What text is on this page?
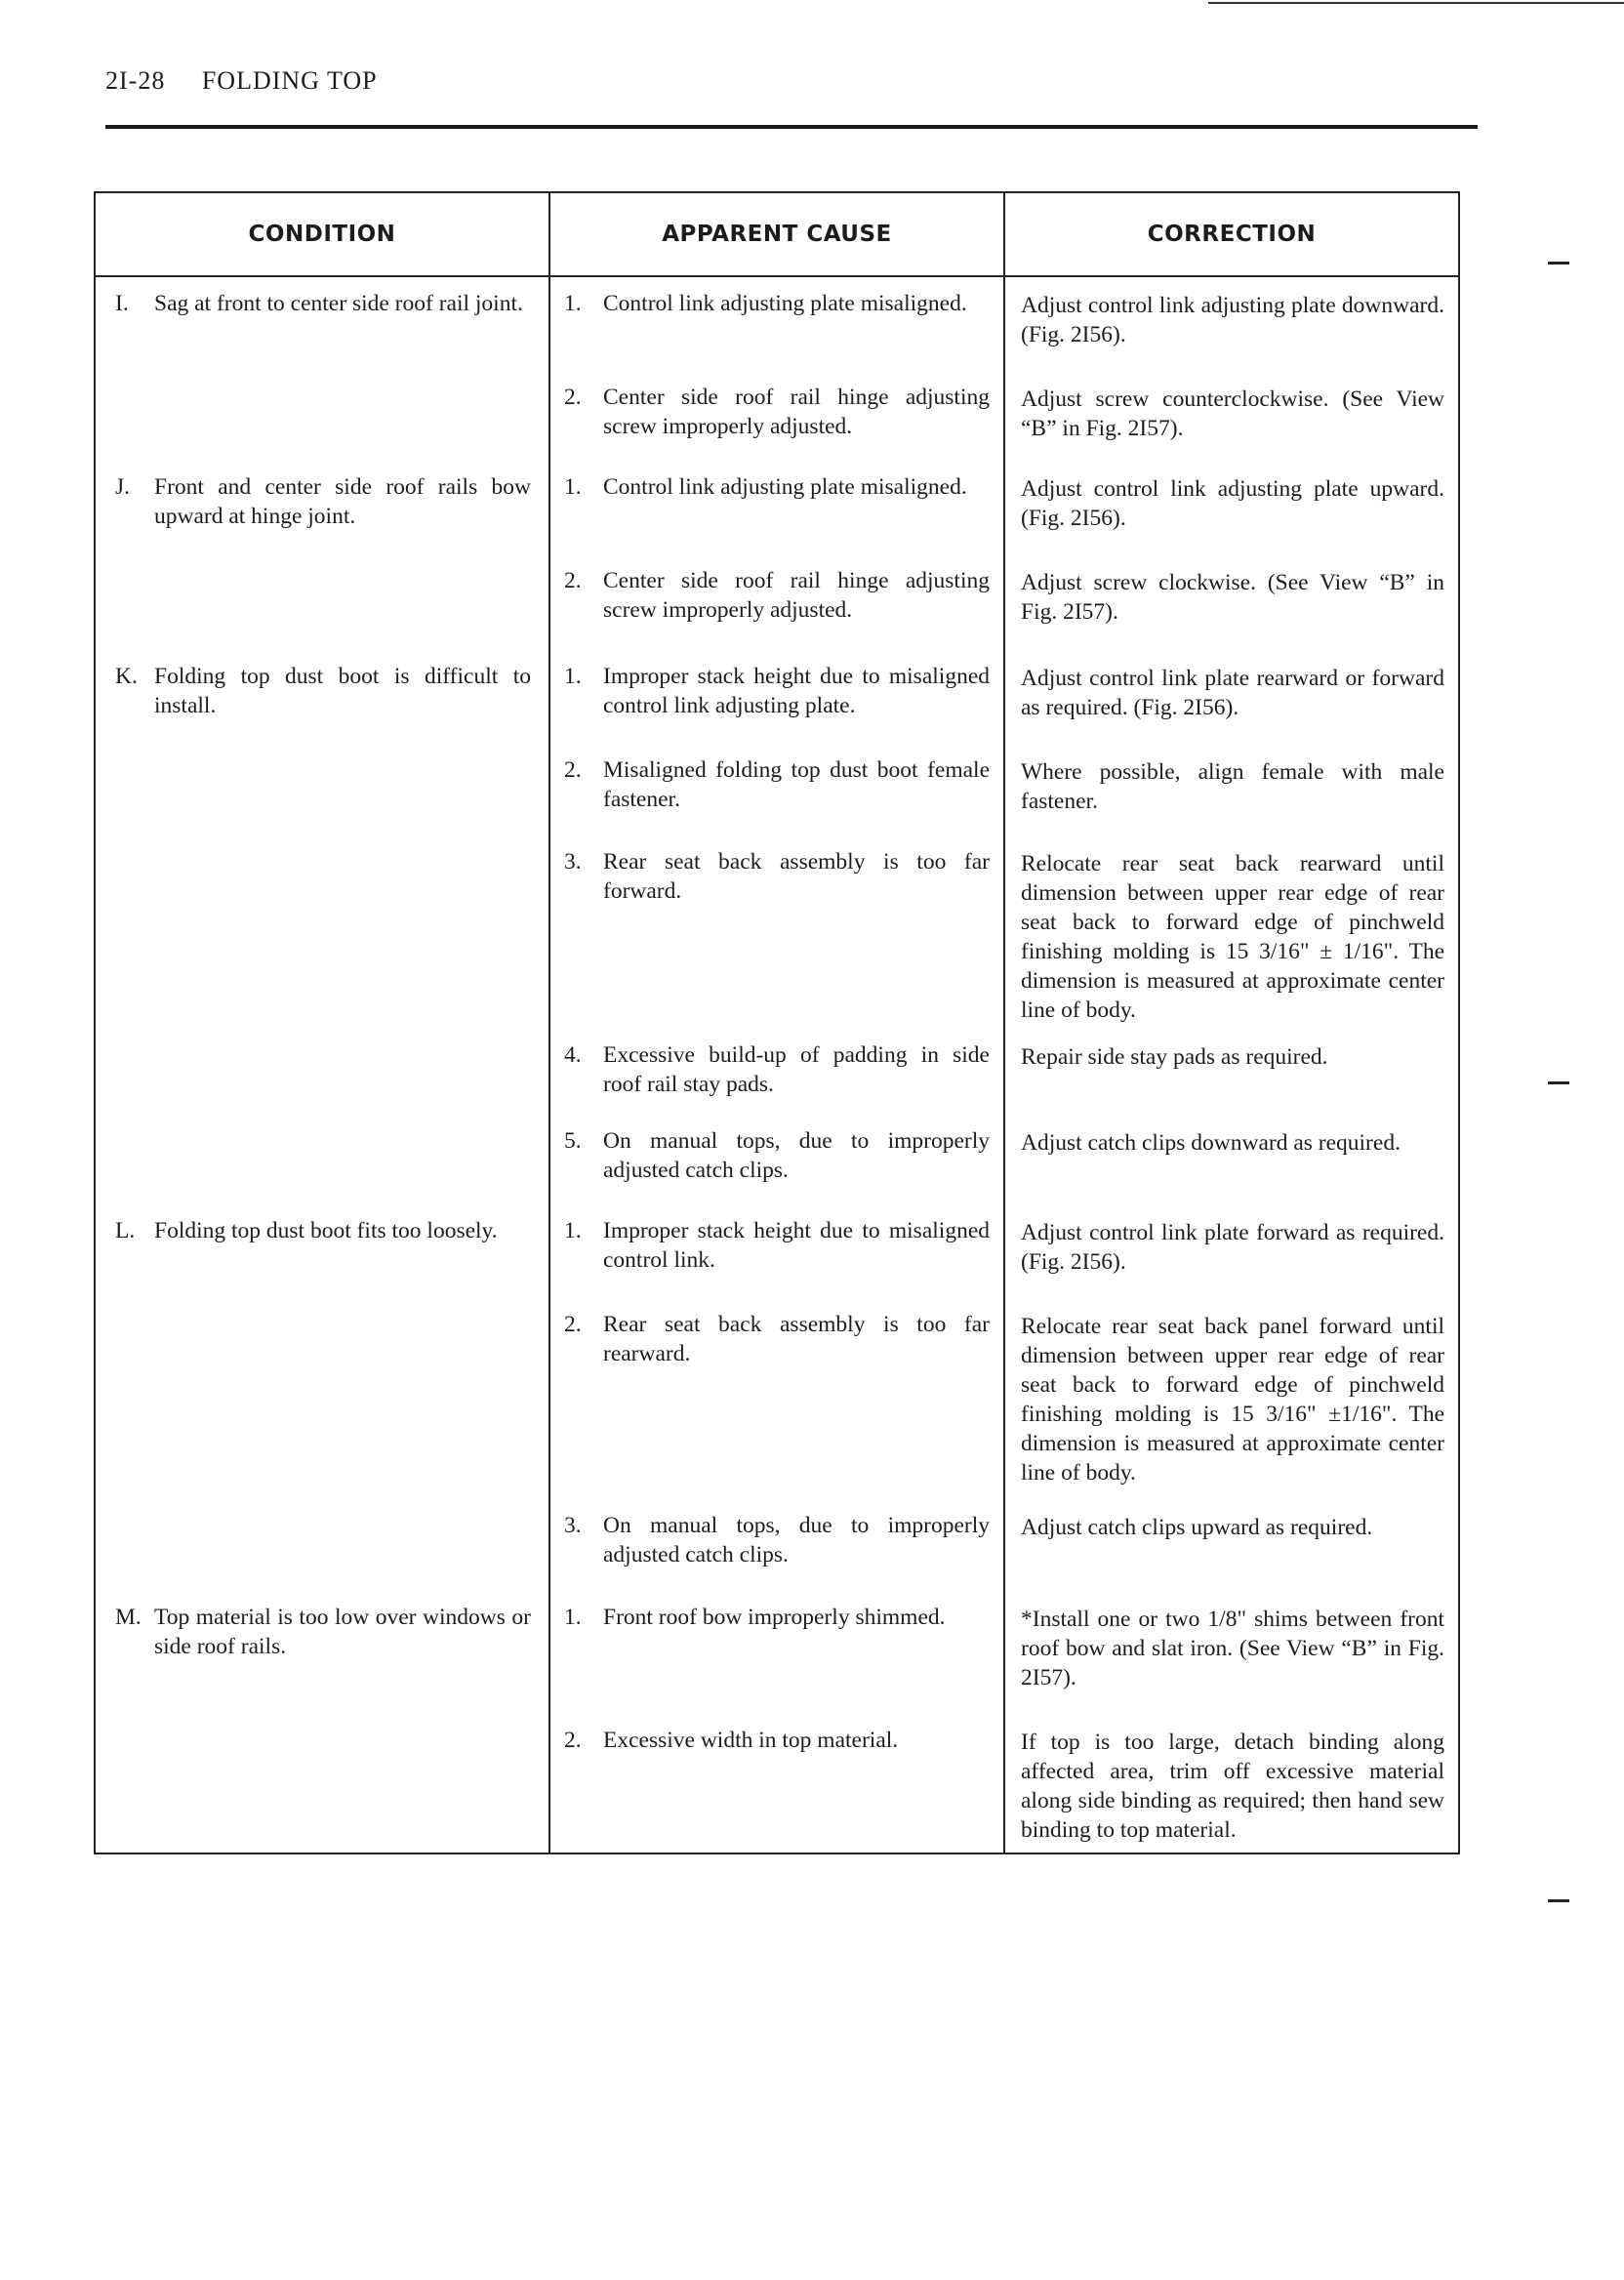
2I-28 FOLDING TOP
CONDITION	APPARENT CAUSE	CORRECTION

I. Sag at front to center side roof rail joint.	1. Control link adjusting plate misaligned.	Adjust control link adjusting plate downward. (Fig. 2I56).

	2. Center side roof rail hinge adjusting screw improperly adjusted.	Adjust screw counterclockwise. (See View “B” in Fig. 2I57).

J. Front and center side roof rails bow upward at hinge joint.	1. Control link adjusting plate misaligned.	Adjust control link adjusting plate upward. (Fig. 2I56).

	2. Center side roof rail hinge adjusting screw improperly adjusted.	Adjust screw clockwise. (See View “B” in Fig. 2I57).

K. Folding top dust boot is difficult to install.	1. Improper stack height due to misaligned control link adjusting plate.	Adjust control link plate rearward or forward as required. (Fig. 2I56).

	2. Misaligned folding top dust boot female fastener.	Where possible, align female with male fastener.

	3. Rear seat back assembly is too far forward.	Relocate rear seat back rearward until dimension between upper rear edge of rear seat back to forward edge of pinchweld finishing molding is 15 3/16" ± 1/16". The dimension is measured at approximate center line of body.

	4. Excessive build-up of padding in side roof rail stay pads.	Repair side stay pads as required.

	5. On manual tops, due to improperly adjusted catch clips.	Adjust catch clips downward as required.

L. Folding top dust boot fits too loosely.	1. Improper stack height due to misaligned control link.	Adjust control link plate forward as required. (Fig. 2I56).

	2. Rear seat back assembly is too far rearward.	Relocate rear seat back panel forward until dimension between upper rear edge of rear seat back to forward edge of pinchweld finishing molding is 15 3/16" ±1/16". The dimension is measured at approximate center line of body.

	3. On manual tops, due to improperly adjusted catch clips.	Adjust catch clips upward as required.

M. Top material is too low over windows or side roof rails.	1. Front roof bow improperly shimmed.	*Install one or two 1/8" shims between front roof bow and slat iron. (See View “B” in Fig. 2I57).

	2. Excessive width in top material.	If top is too large, detach binding along affected area, trim off excessive material along side binding as required; then hand sew binding to top material.
